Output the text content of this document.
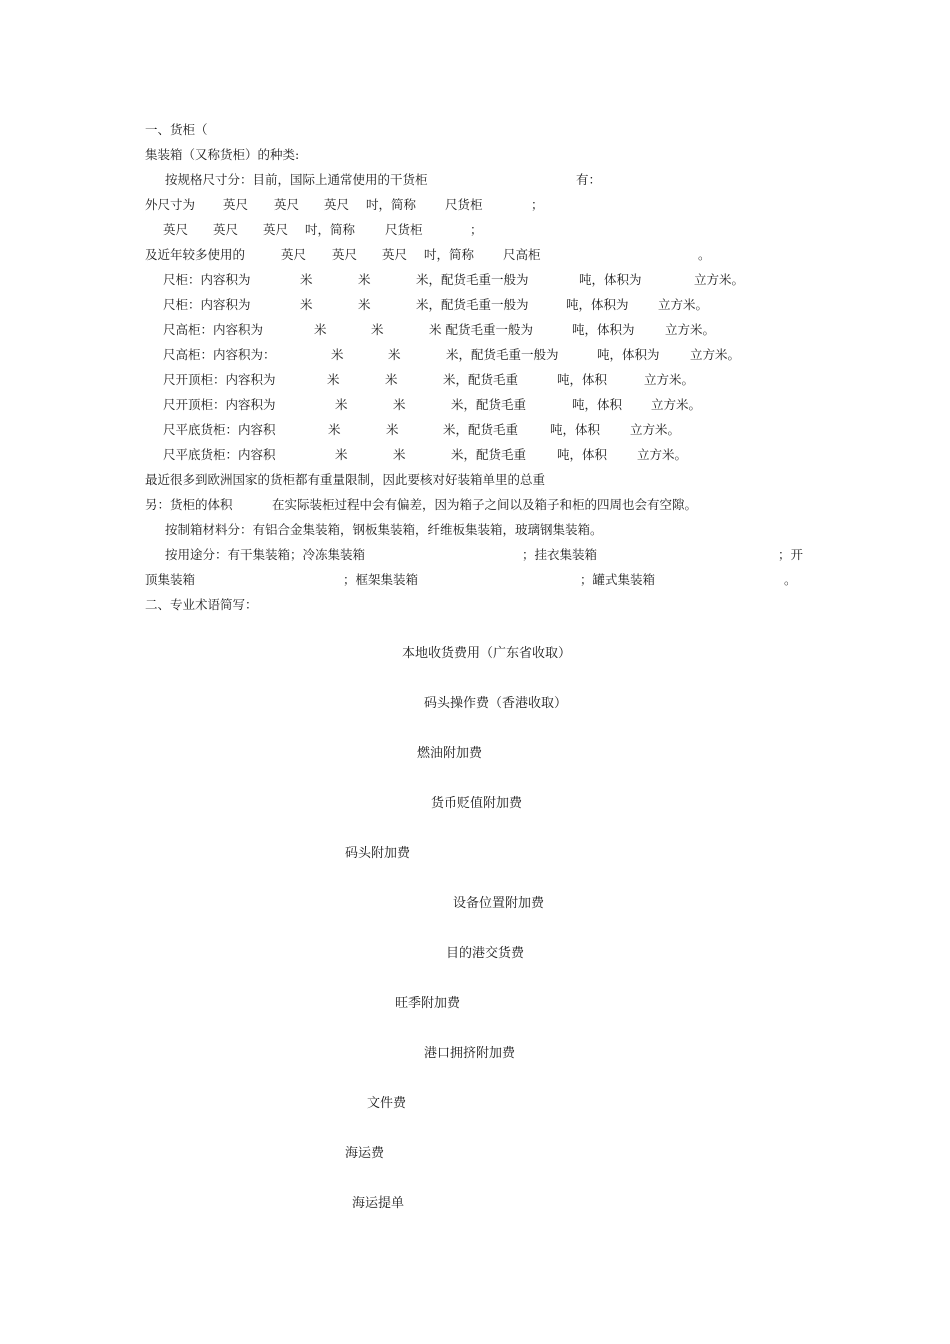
一、货柜（
集装箱（又称货柜）的种类:
按规格尺寸分：目前，国际上通常使用的干货柜	有：
外尺寸为 英尺 英尺 英尺 吋，简称 尺货柜	；
英尺 英尺 英尺 吋，简称 尺货柜	；
及近年较多使用的	英尺 英尺 英尺 吋，简称 尺高柜	。
尺柜：内容积为	米	米	米，配货毛重一般为	吨，体积为	立方米。
尺柜：内容积为	米	米	米，配货毛重一般为	吨，体积为 立方米。
尺高柜：内容积为	米	米	米 配货毛重一般为	吨，体积为 立方米。
尺高柜：内容积为：	米	米	米，配货毛重一般为	吨，体积为 立方米。
尺开顶柜：内容积为	米	米	米，配货毛重	吨，体积	立方米。
尺开顶柜：内容积为	米	米	米，配货毛重	吨，体积 立方米。
尺平底货柜：内容积	米	米	米，配货毛重	吨，体积 立方米。
尺平底货柜：内容积	米	米	米，配货毛重 吨，体积 立方米。
最近很多到欧洲国家的货柜都有重量限制，因此要核对好装箱单里的总重
另：货柜的体积	在实际装柜过程中会有偏差，因为箱子之间以及箱子和柜的四周也会有空隙。
按制箱材料分：有铝合金集装箱，钢板集装箱，纤维板集装箱，玻璃钢集装箱。
按用途分：有干集装箱；冷冻集装箱	；挂衣集装箱	；开
顶集装箱	；框架集装箱	；罐式集装箱	。
二、专业术语简写：
本地收货费用（广东省收取）
码头操作费（香港收取）
燃油附加费
货币贬值附加费
码头附加费
设备位置附加费
目的港交货费
旺季附加费
港口拥挤附加费
文件费
海运费
海运提单
